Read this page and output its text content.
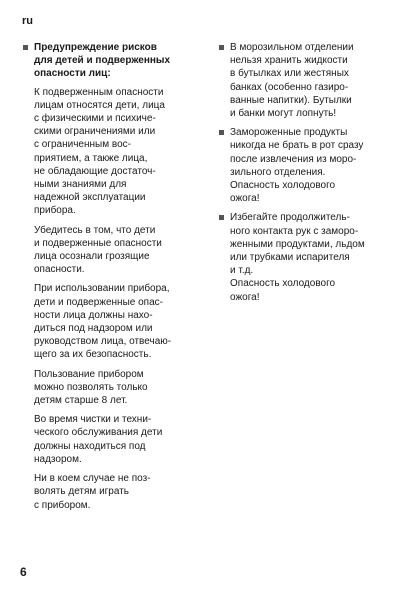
ru
Предупреждение рисков
для детей и подверженных
опасности лиц:
К подверженным опасности
лицам относятся дети, лица
с физическими и психиче-
скими ограничениями или
с ограниченным вос-
приятием, а также лица,
не обладающие достаточ-
ными знаниями для
надежной эксплуатации
прибора.
Убедитесь в том, что дети
и подверженные опасности
лица осознали грозящие
опасности.
При использовании прибора,
дети и подверженные опас-
ности лица должны нахо-
диться под надзором или
руководством лица, отвечаю-
щего за их безопасность.
Пользование прибором
можно позволять только
детям старше 8 лет.
Во время чистки и техни-
ческого обслуживания дети
должны находиться под
надзором.
Ни в коем случае не поз-
волять детям играть
с прибором.
В морозильном отделении
нельзя хранить жидкости
в бутылках или жестяных
банках (особенно газиро-
ванные напитки). Бутылки
и банки могут лопнуть!
Замороженные продукты
никогда не брать в рот сразу
после извлечения из моро-
зильного отделения.
Опасность холодового
ожога!
Избегайте продолжитель-
ного контакта рук с заморо-
женными продуктами, льдом
или трубками испарителя
и т.д.
Опасность холодового
ожога!
6
